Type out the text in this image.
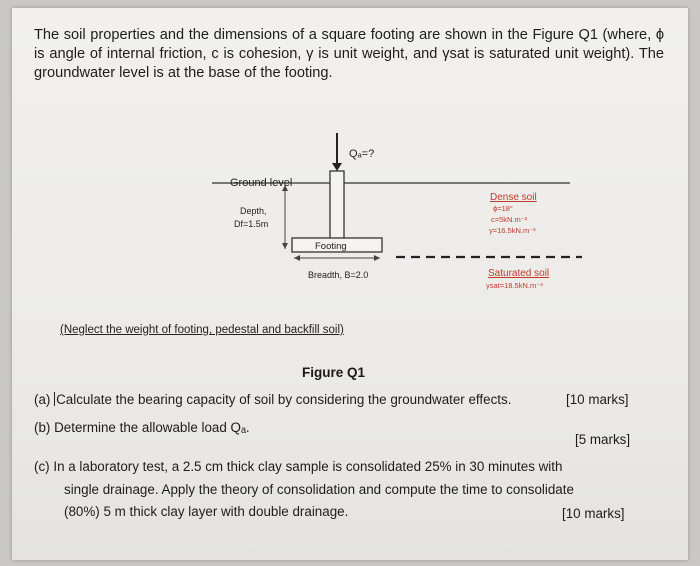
The soil properties and the dimensions of a square footing are shown in the Figure Q1 (where, ϕ is angle of internal friction, c is cohesion, γ is unit weight, and γsat is saturated unit weight). The groundwater level is at the base of the footing.
Qₐ=?
Ground level
Depth,
Df=1.5m
Footing
Breadth, B=2.0
Dense soil
ϕ=18°
c=5kN.m⁻²
γ=16.5kN.m⁻³
Saturated soil
γsat=18.5kN.m⁻³
(Neglect the weight of footing, pedestal and backfill soil)
Figure Q1
(a) Calculate the bearing capacity of soil by considering the groundwater effects.	[10 marks]
(b) Determine the allowable load Qₐ.
[5 marks]
(c) In a laboratory test, a 2.5 cm thick clay sample is consolidated 25% in 30 minutes with
single drainage. Apply the theory of consolidation and compute the time to consolidate
(80%) 5 m thick clay layer with double drainage.	[10 marks]
